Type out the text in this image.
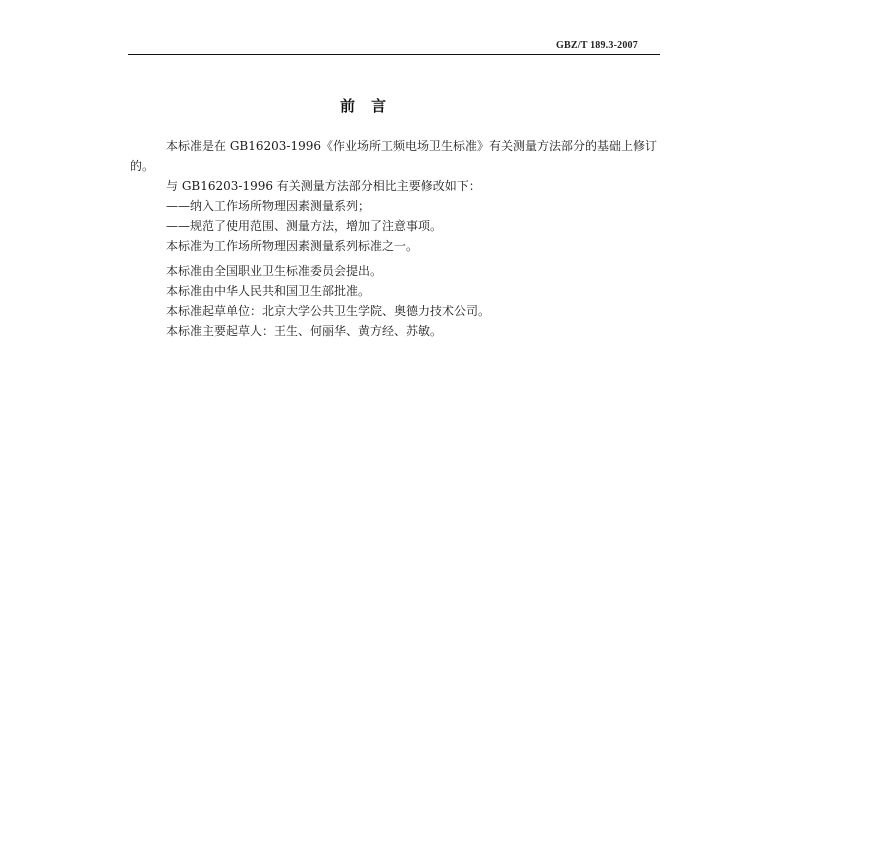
GBZ/T 189.3-2007
前言

本标准是在 GB16203-1996《作业场所工频电场卫生标准》有关测量方法部分的基础上修订的。

与 GB16203-1996 有关测量方法部分相比主要修改如下：

——纳入工作场所物理因素测量系列；

——规范了使用范围、测量方法，增加了注意事项。

本标准为工作场所物理因素测量系列标准之一。

本标准由全国职业卫生标准委员会提出。

本标准由中华人民共和国卫生部批准。

本标准起草单位：北京大学公共卫生学院、奥德力技术公司。

本标准主要起草人：王生、何丽华、黄方经、苏敏。
